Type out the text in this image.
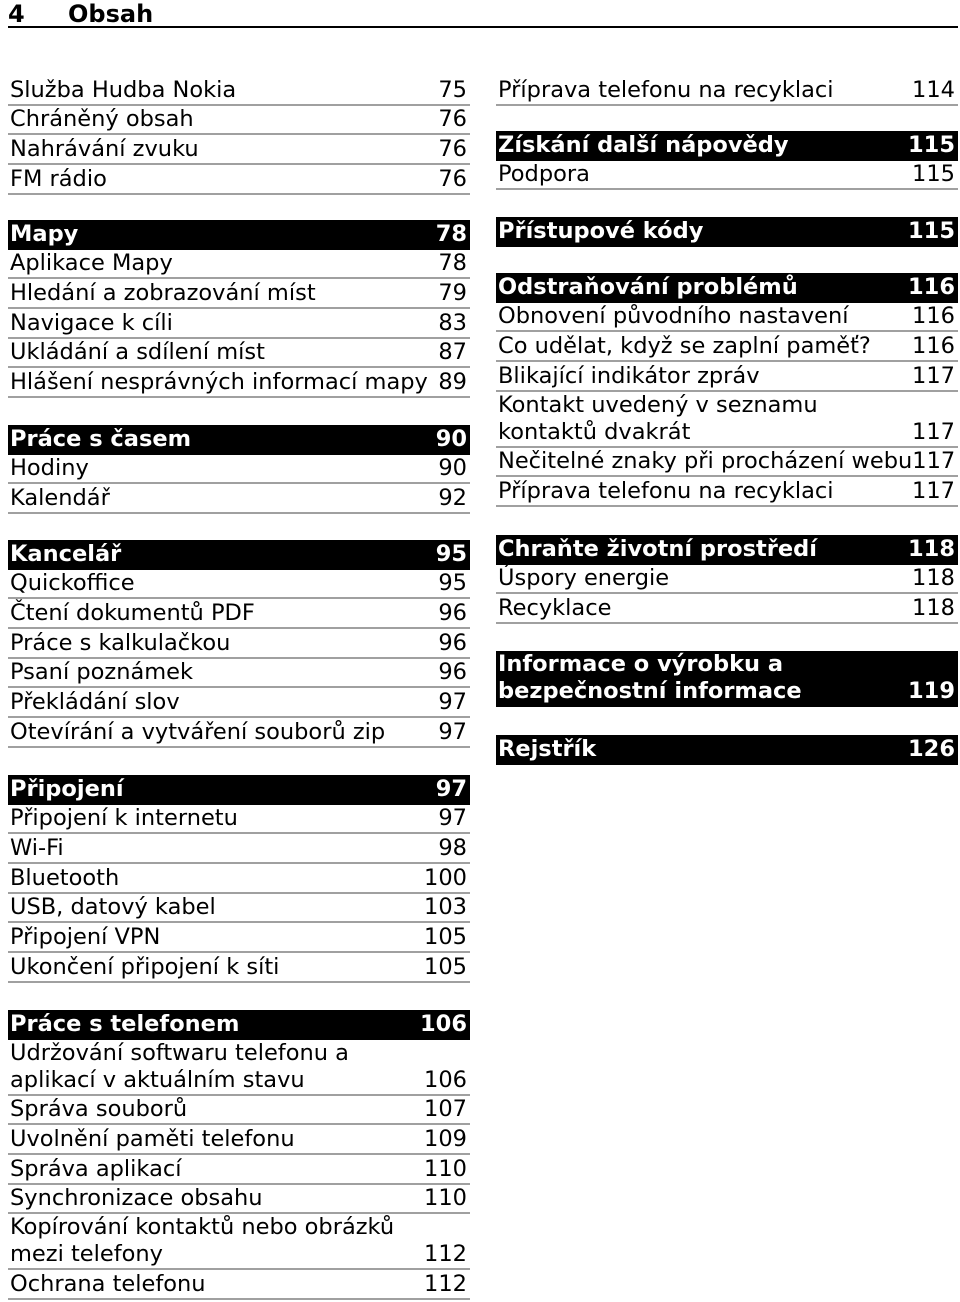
4 Obsah
Služba Hudba Nokia	75
Chráněný obsah	76
Nahrávání zvuku	76
FM rádio	76
Mapy	78
Aplikace Mapy	78
Hledání a zobrazování míst	79
Navigace k cíli	83
Ukládání a sdílení míst	87
Hlášení nesprávných informací mapy 89
Práce s časem	90
Hodiny	90
Kalendář	92
Kancelář	95
Quickoffice	95
Čtení dokumentů PDF	96
Práce s kalkulačkou	96
Psaní poznámek	96
Překládání slov	97
Otevírání a vytváření souborů zip	97
Připojení	97
Připojení k internetu	97
Wi-Fi	98
Bluetooth	100
USB, datový kabel	103
Připojení VPN	105
Ukončení připojení k síti	105
Práce s telefonem	106
Udržování softwaru telefonu a aplikací v aktuálním stavu	106
Správa souborů	107
Uvolnění paměti telefonu	109
Správa aplikací	110
Synchronizace obsahu	110
Kopírování kontaktů nebo obrázků mezi telefony	112
Ochrana telefonu	112
Příprava telefonu na recyklaci	114
Získání další nápovědy	115
Podpora	115
Přístupové kódy	115
Odstraňování problémů	116
Obnovení původního nastavení	116
Co udělat, když se zaplní paměť?	116
Blikající indikátor zpráv	117
Kontakt uvedený v seznamu kontaktů dvakrát	117
Nečitelné znaky při procházení webu 117
Příprava telefonu na recyklaci	117
Chraňte životní prostředí	118
Úspory energie	118
Recyklace	118
Informace o výrobku a bezpečnostní informace	119
Rejstřík	126
